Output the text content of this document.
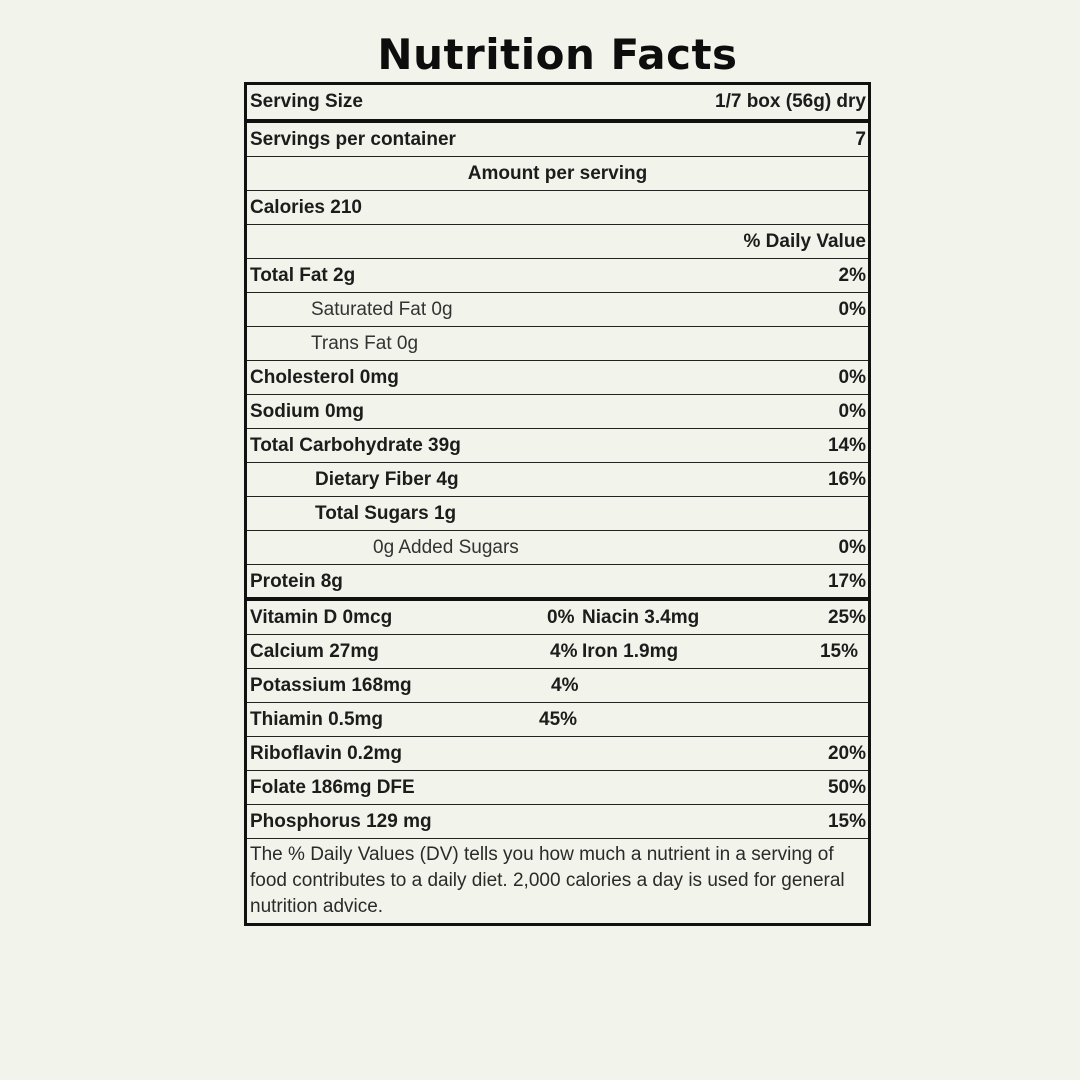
Nutrition Facts
Serving Size	1/7 box (56g) dry
Servings per container	7
Amount per serving
Calories 210
% Daily Value
Total Fat 2g	2%
Saturated Fat 0g	0%
Trans Fat 0g
Cholesterol 0mg	0%
Sodium 0mg	0%
Total Carbohydrate 39g	14%
Dietary Fiber 4g	16%
Total Sugars 1g
0g Added Sugars	0%
Protein 8g	17%
Vitamin D 0mcg	0% Niacin 3.4mg	25%
Calcium 27mg	4% Iron 1.9mg	15%
Potassium 168mg	4%
Thiamin 0.5mg	45%
Riboflavin 0.2mg	20%
Folate 186mg DFE	50%
Phosphorus 129 mg	15%
The % Daily Values (DV) tells you how much a nutrient in a serving of food contributes to a daily diet. 2,000 calories a day is used for general nutrition advice.
